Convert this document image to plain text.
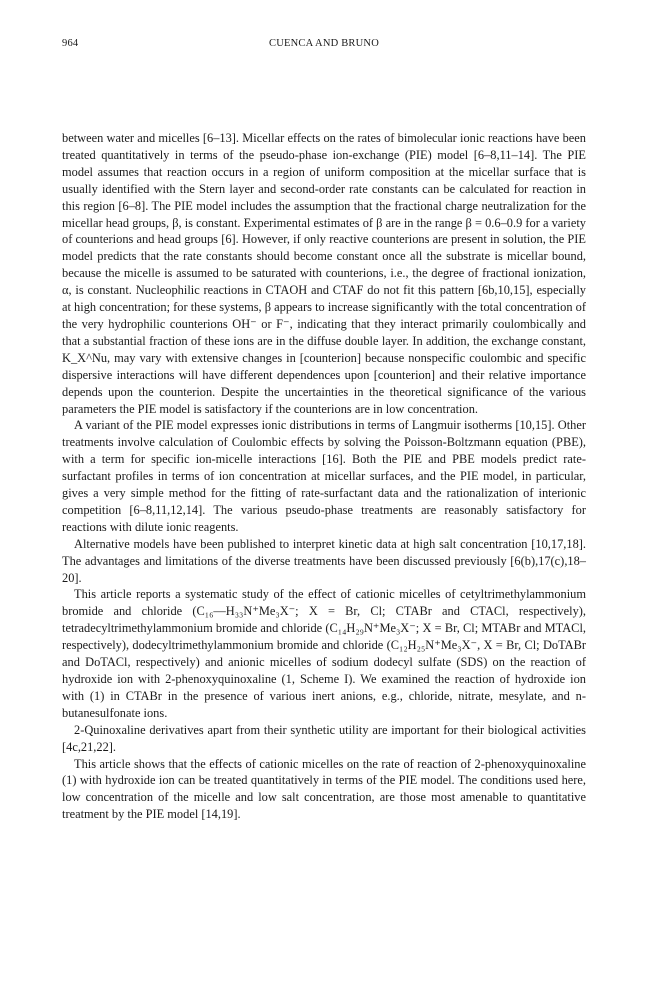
964	CUENCA AND BRUNO

between water and micelles [6–13]. Micellar effects on the rates of bimolecular ionic reactions have been treated quantitatively in terms of the pseudo-phase ion-exchange (PIE) model [6–8,11–14]. The PIE model assumes that reaction occurs in a region of uniform composition at the micellar surface that is usually identified with the Stern layer and second-order rate constants can be calculated for reaction in this region [6–8]. The PIE model includes the assumption that the fractional charge neutralization for the micellar head groups, β, is constant. Experimental estimates of β are in the range β = 0.6–0.9 for a variety of counterions and head groups [6]. However, if only reactive counterions are present in solution, the PIE model predicts that the rate constants should become constant once all the substrate is micellar bound, because the micelle is assumed to be saturated with counterions, i.e., the degree of fractional ionization, α, is constant. Nucleophilic reactions in CTAOH and CTAF do not fit this pattern [6b,10,15], especially at high concentration; for these systems, β appears to increase significantly with the total concentration of the very hydrophilic counterions OH⁻ or F⁻, indicating that they interact primarily coulombically and that a substantial fraction of these ions are in the diffuse double layer. In addition, the exchange constant, K_X^Nu, may vary with extensive changes in [counterion] because nonspecific coulombic and specific dispersive interactions will have different dependences upon [counterion] and their relative importance depends upon the counterion. Despite the uncertainties in the theoretical significance of the various parameters the PIE model is satisfactory if the counterions are in low concentration.

A variant of the PIE model expresses ionic distributions in terms of Langmuir isotherms [10,15]. Other treatments involve calculation of Coulombic effects by solving the Poisson-Boltzmann equation (PBE), with a term for specific ion-micelle interactions [16]. Both the PIE and PBE models predict rate-surfactant profiles in terms of ion concentration at micellar surfaces, and the PIE model, in particular, gives a very simple method for the fitting of rate-surfactant data and the rationalization of interionic competition [6–8,11,12,14]. The various pseudo-phase treatments are reasonably satisfactory for reactions with dilute ionic reagents.

Alternative models have been published to interpret kinetic data at high salt concentration [10,17,18]. The advantages and limitations of the diverse treatments have been discussed previously [6(b),17(c),18–20].

This article reports a systematic study of the effect of cationic micelles of cetyltrimethylammonium bromide and chloride (C₁₆—H₃₃N⁺Me₃X⁻; X = Br, Cl; CTABr and CTACl, respectively), tetradecyltrimethylammonium bromide and chloride (C₁₄H₂₉N⁺Me₃X⁻; X = Br, Cl; MTABr and MTACl, respectively), dodecyltrimethylammonium bromide and chloride (C₁₂H₂₅N⁺Me₃X⁻, X = Br, Cl; DoTABr and DoTACl, respectively) and anionic micelles of sodium dodecyl sulfate (SDS) on the reaction of hydroxide ion with 2-phenoxyquinoxaline (1, Scheme I). We examined the reaction of hydroxide ion with (1) in CTABr in the presence of various inert anions, e.g., chloride, nitrate, mesylate, and n-butanesulfonate ions.

2-Quinoxaline derivatives apart from their synthetic utility are important for their biological activities [4c,21,22].

This article shows that the effects of cationic micelles on the rate of reaction of 2-phenoxyquinoxaline (1) with hydroxide ion can be treated quantitatively in terms of the PIE model. The conditions used here, low concentration of the micelle and low salt concentration, are those most amenable to quantitative treatment by the PIE model [14,19].
